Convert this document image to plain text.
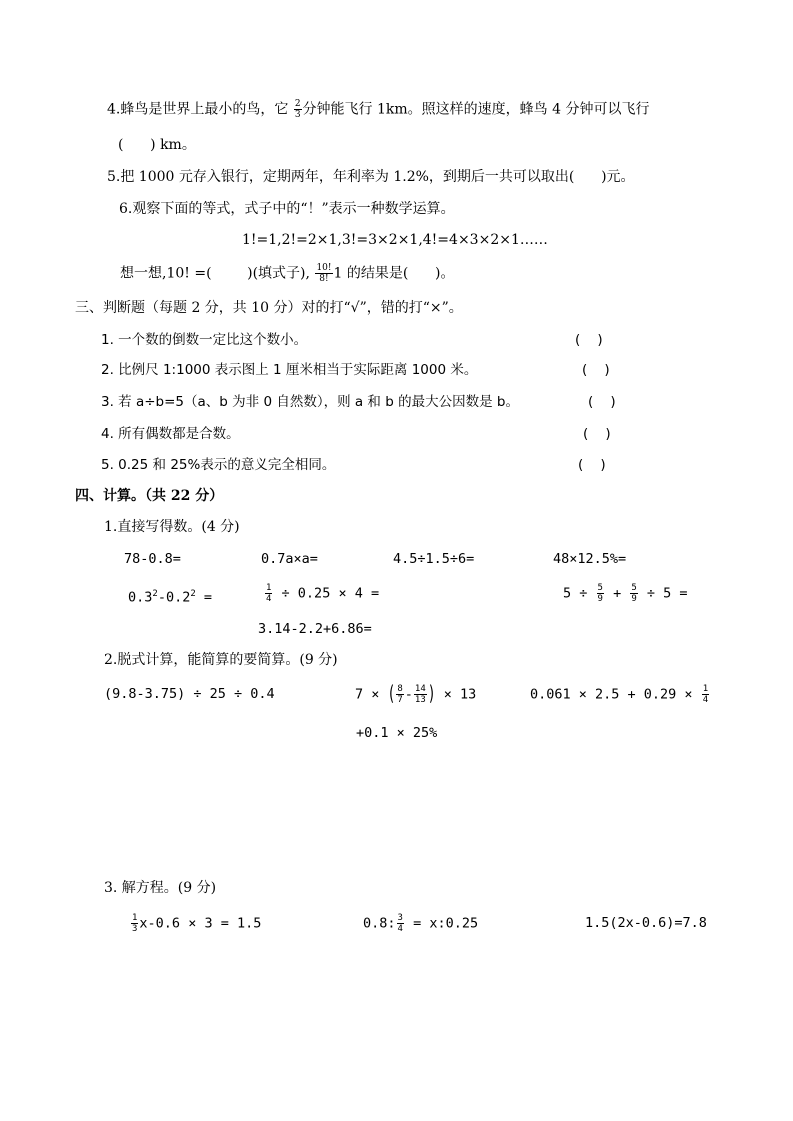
4.蜂鸟是世界上最小的鸟，它 $\frac{2}{3}$ 分钟能飞行 1km。照这样的速度，蜂鸟 4 分钟可以飞行
(      ) km。
5.把 1000 元存入银行，定期两年，年利率为 1.2%，到期后一共可以取出(      )元。
6.观察下面的等式，式子中的“！”表示一种数学运算。
1!=1,2!=2×1,3!=3×2×1,4!=4×3×2×1……
想一想,10! =(        )(填式子), $\frac{10!}{8!} 1$ 的结果是(      )。
三、判断题（每题 2 分，共 10 分）对的打“√”，错的打“×”。
1. 一个数的倒数一定比这个数小。	(    )
2. 比例尺 1:1000 表示图上 1 厘米相当于实际距离 1000 米。	(    )
3. 若 a÷b=5（a、b 为非 0 自然数），则 a 和 b 的最大公因数是 b。	(    )
4. 所有偶数都是合数。	(    )
5. 0.25 和 25%表示的意义完全相同。	(    )
四、计算。（共 22 分）
1.直接写得数。(4 分)
78-0.8=	0.7a×a=	4.5÷1.5÷6=	48×12.5%=
$0.3^2-0.2^2$ =	$\frac{1}{4} \div 0.25 \times 4$ =	$5 \div \frac{5}{9} + \frac{5}{9} \div 5$ =
3.14-2.2+6.86=
2.脱式计算，能简算的要简算。(9 分)
(9.8-3.75) ÷ 25 ÷ 0.4	7 × ( $\frac{8}{7} - \frac{14}{13}$ ) × 13	$0.061 \times 2.5 + 0.29 \times \frac{1}{4}$
+0.1 × 25%
3. 解方程。(9 分)
$\frac{1}{3} x-0.6 \times 3 = 1.5$	0.8: $\frac{3}{4}$ = x:0.25	1.5(2x-0.6)=7.8
